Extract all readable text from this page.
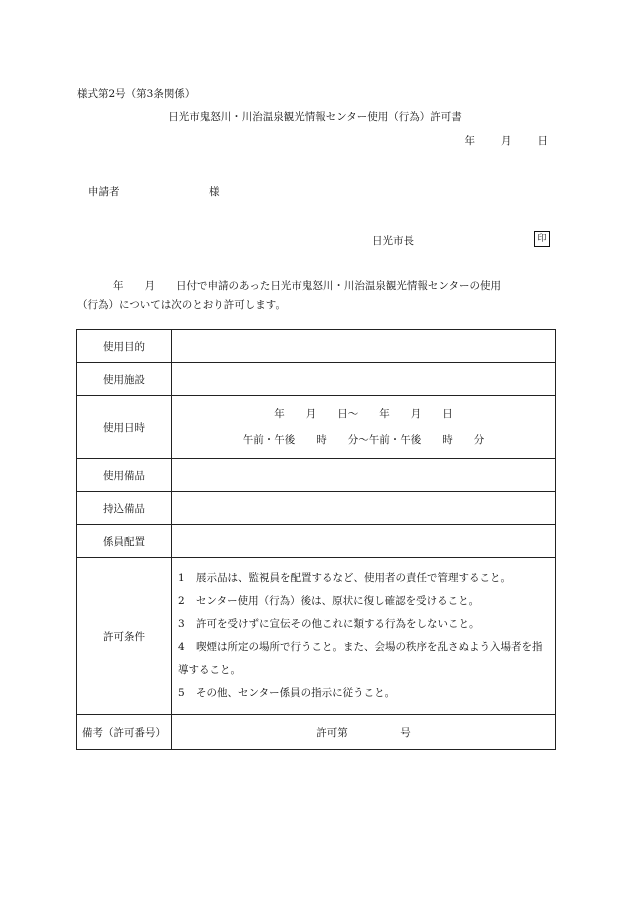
様式第2号（第3条関係）
日光市鬼怒川・川治温泉観光情報センター使用（行為）許可書
年 月 日
申請者	様
日光市長	印
年　　月　　日付で申請のあった日光市鬼怒川・川治温泉観光情報センターの使用
（行為）については次のとおり許可します。
使用目的	
使用施設	
使用日時	年　　月　　日～　　年　　月　　日
午前・午後　　時　　分～午前・午後　　時　　分

使用備品	
持込備品	
係員配置	
許可条件	1 展示品は、監視員を配置するなど、使用者の責任で管理すること。
2 センター使用（行為）後は、原状に復し確認を受けること。
3 許可を受けずに宣伝その他これに類する行為をしないこと。
4 喫煙は所定の場所で行うこと。また、会場の秩序を乱さぬよう入場者を指導すること。
5 その他、センター係員の指示に従うこと。

備考（許可番号）	許可第　　　　　号
